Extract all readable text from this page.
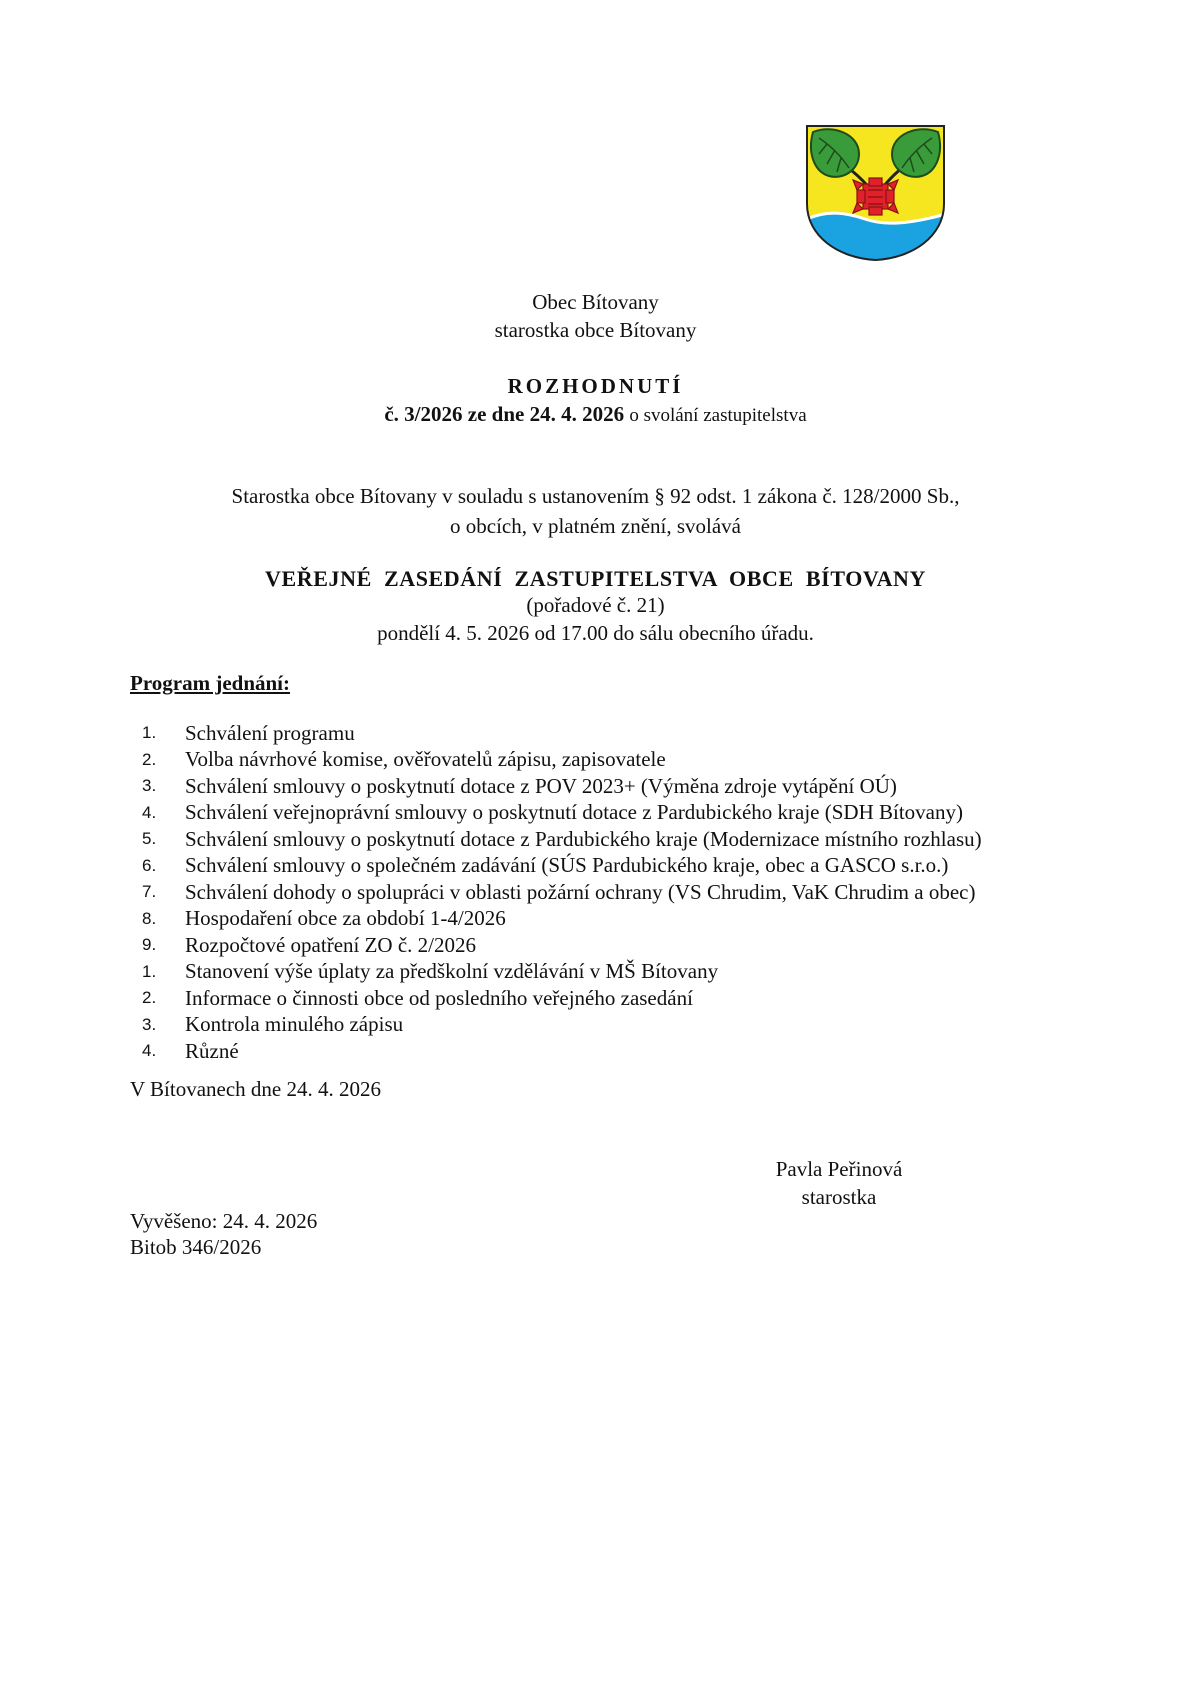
Obec Bítovany
starostka obce Bítovany
ROZHODNUTÍ
č. 3/2026 ze dne 24. 4. 2026 o svolání zastupitelstva
Starostka obce Bítovany v souladu s ustanovením § 92 odst. 1 zákona č. 128/2000 Sb.,
o obcích, v platném znění, svolává
VEŘEJNÉ ZASEDÁNÍ ZASTUPITELSTVA OBCE BÍTOVANY
(pořadové č. 21)
pondělí 4. 5. 2026 od 17.00 do sálu obecního úřadu.
Program jednání:
1.	Schválení programu
2.	Volba návrhové komise, ověřovatelů zápisu, zapisovatele
3.	Schválení smlouvy o poskytnutí dotace z POV 2023+ (Výměna zdroje vytápění OÚ)
4.	Schválení veřejnoprávní smlouvy o poskytnutí dotace z Pardubického kraje (SDH Bítovany)
5.	Schválení smlouvy o poskytnutí dotace z Pardubického kraje (Modernizace místního rozhlasu)
6.	Schválení smlouvy o společném zadávání (SÚS Pardubického kraje, obec a GASCO s.r.o.)
7.	Schválení dohody o spolupráci v oblasti požární ochrany (VS Chrudim, VaK Chrudim a obec)
8.	Hospodaření obce za období 1-4/2026
9.	Rozpočtové opatření ZO č. 2/2026
1.	Stanovení výše úplaty za předškolní vzdělávání v MŠ Bítovany
2.	Informace o činnosti obce od posledního veřejného zasedání
3.	Kontrola minulého zápisu
4.	Různé
V Bítovanech dne 24. 4. 2026
Pavla Peřinová
starostka
Vyvěšeno: 24. 4. 2026
Bitob 346/2026
